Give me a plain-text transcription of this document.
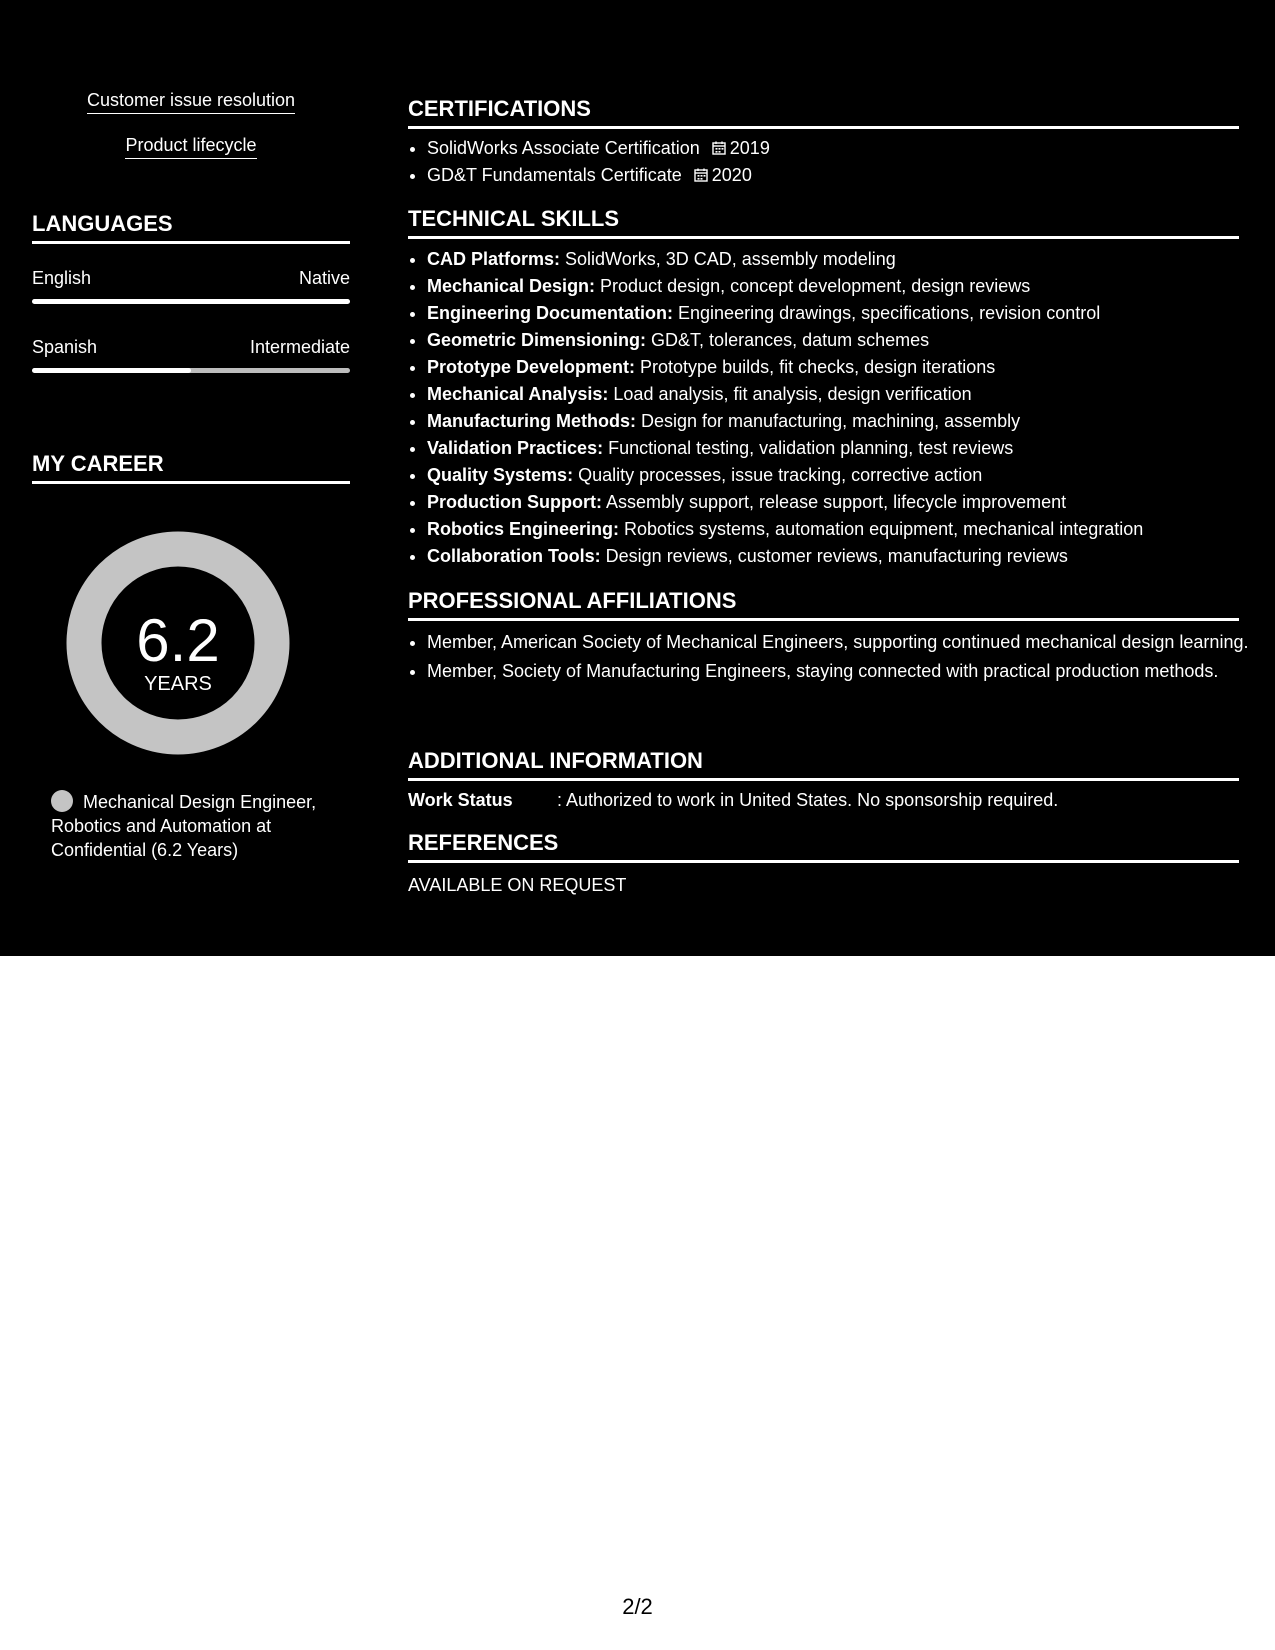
Customer issue resolution
Product lifecycle
LANGUAGES
English	Native
Spanish	Intermediate
MY CAREER
6.2
YEARS
Mechanical Design Engineer, Robotics and Automation at Confidential (6.2 Years)
CERTIFICATIONS
• SolidWorks Associate Certification 2019
• GD&T Fundamentals Certificate 2020
TECHNICAL SKILLS
• CAD Platforms: SolidWorks, 3D CAD, assembly modeling
• Mechanical Design: Product design, concept development, design reviews
• Engineering Documentation: Engineering drawings, specifications, revision control
• Geometric Dimensioning: GD&T, tolerances, datum schemes
• Prototype Development: Prototype builds, fit checks, design iterations
• Mechanical Analysis: Load analysis, fit analysis, design verification
• Manufacturing Methods: Design for manufacturing, machining, assembly
• Validation Practices: Functional testing, validation planning, test reviews
• Quality Systems: Quality processes, issue tracking, corrective action
• Production Support: Assembly support, release support, lifecycle improvement
• Robotics Engineering: Robotics systems, automation equipment, mechanical integration
• Collaboration Tools: Design reviews, customer reviews, manufacturing reviews
PROFESSIONAL AFFILIATIONS
• Member, American Society of Mechanical Engineers, supporting continued mechanical design learning.
• Member, Society of Manufacturing Engineers, staying connected with practical production methods.
ADDITIONAL INFORMATION
Work Status : Authorized to work in United States. No sponsorship required.
REFERENCES
AVAILABLE ON REQUEST
2/2
